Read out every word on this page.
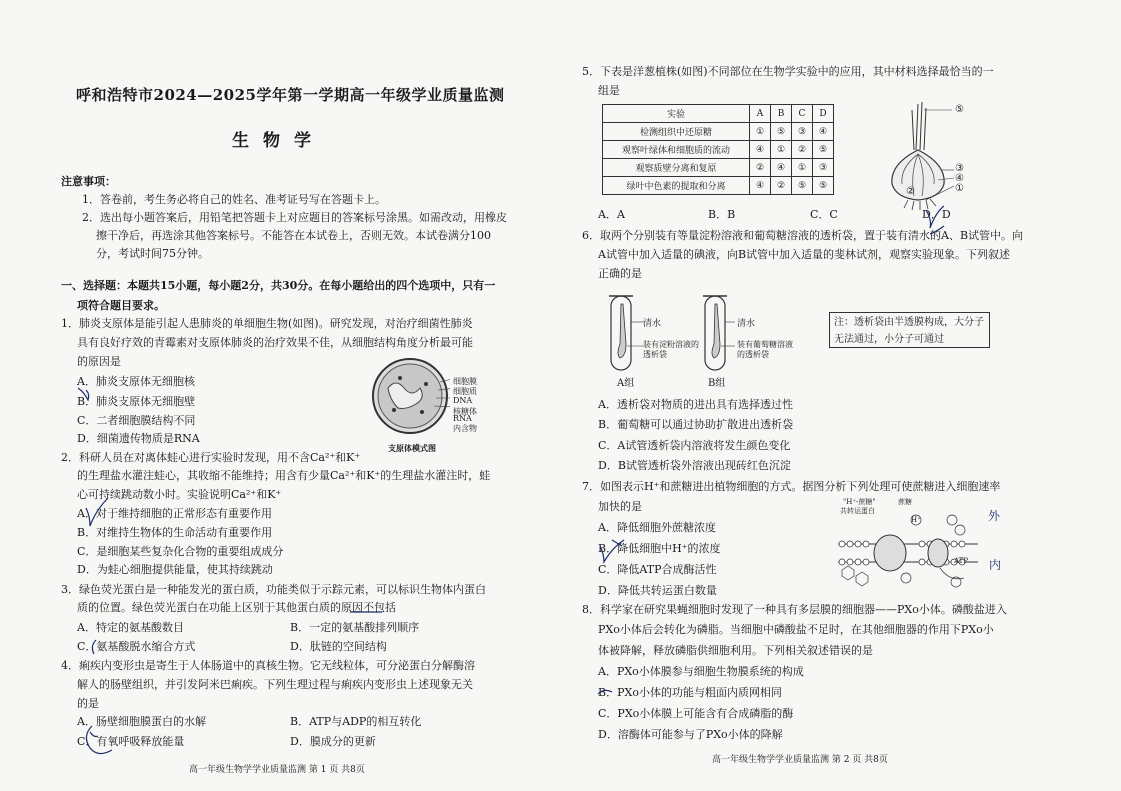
呼和浩特市2024—2025学年第一学期高一年级学业质量监测
生物学
注意事项：
1．答卷前，考生务必将自己的姓名、准考证号写在答题卡上。
2．选出每小题答案后，用铅笔把答题卡上对应题目的答案标号涂黑。如需改动，用橡皮
擦干净后，再选涂其他答案标号。不能答在本试卷上，否则无效。本试卷满分100
分，考试时间75分钟。
一、选择题：本题共15小题，每小题2分，共30分。在每小题给出的四个选项中，只有一
项符合题目要求。
1．肺炎支原体是能引起人患肺炎的单细胞生物(如图)。研究发现，对治疗细菌性肺炎
具有良好疗效的青霉素对支原体肺炎的治疗效果不佳，从细胞结构角度分析最可能
的原因是
A．肺炎支原体无细胞核
B．肺炎支原体无细胞壁
C．二者细胞膜结构不同
D．细菌遗传物质是RNA
细胞膜
细胞质
DNA
核糖体
RNA
内含物
支原体模式图
2．科研人员在对离体蛙心进行实验时发现，用不含Ca²⁺和K⁺
的生理盐水灌注蛙心，其收缩不能维持；用含有少量Ca²⁺和K⁺的生理盐水灌注时，蛙
心可持续跳动数小时。实验说明Ca²⁺和K⁺
A．对于维持细胞的正常形态有重要作用
B．对维持生物体的生命活动有重要作用
C．是细胞某些复杂化合物的重要组成成分
D．为蛙心细胞提供能量，使其持续跳动
3．绿色荧光蛋白是一种能发光的蛋白质，功能类似于示踪元素，可以标识生物体内蛋白
质的位置。绿色荧光蛋白在功能上区别于其他蛋白质的原因不包括
A．特定的氨基酸数目	B．一定的氨基酸排列顺序
C．氨基酸脱水缩合方式	D．肽链的空间结构
4．痢疾内变形虫是寄生于人体肠道中的真核生物。它无线粒体，可分泌蛋白分解酶溶
解人的肠壁组织，并引发阿米巴痢疾。下列生理过程与痢疾内变形虫上述现象无关
的是
A．肠壁细胞膜蛋白的水解	B．ATP与ADP的相互转化
C．有氧呼吸释放能量	D．膜成分的更新
高一年级生物学学业质量监测 第 1 页 共8页
5．下表是洋葱植株(如图)不同部位在生物学实验中的应用，其中材料选择最恰当的一
组是
实验	A	B	C	D
检测组织中还原糖	①	⑤	③	④
观察叶绿体和细胞质的流动	④	①	②	⑤
观察质壁分离和复原	②	④	①	③
绿叶中色素的提取和分离	④	②	⑤	⑤
⑤
③
④
①
②
A．A	B．B	C．C	D．D
6．取两个分别装有等量淀粉溶液和葡萄糖溶液的透析袋，置于装有清水的A、B试管中。向
A试管中加入适量的碘液，向B试管中加入适量的斐林试剂，观察实验现象。下列叙述
正确的是
清水
装有淀粉溶液的透析袋
A组
清水
装有葡萄糖溶液的透析袋
B组
注：透析袋由半透膜构成，大分子无法通过，小分子可通过
A．透析袋对物质的进出具有选择透过性
B．葡萄糖可以通过协助扩散进出透析袋
C．A试管透析袋内溶液将发生颜色变化
D．B试管透析袋外溶液出现砖红色沉淀
7．如图表示H⁺和蔗糖进出植物细胞的方式。据图分析下列处理可使蔗糖进入细胞速率
加快的是
A．降低细胞外蔗糖浓度
B．降低细胞中H⁺的浓度
C．降低ATP合成酶活性
D．降低共转运蛋白数量
"H⁺-蔗糖"
共转运蛋白
蔗糖
H⁺
ATP
外
内
8．科学家在研究果蝇细胞时发现了一种具有多层膜的细胞器——PXo小体。磷酸盐进入
PXo小体后会转化为磷脂。当细胞中磷酸盐不足时，在其他细胞器的作用下PXo小
体被降解，释放磷脂供细胞利用。下列相关叙述错误的是
A．PXo小体膜参与细胞生物膜系统的构成
B．PXo小体的功能与粗面内质网相同
C．PXo小体膜上可能含有合成磷脂的酶
D．溶酶体可能参与了PXo小体的降解
高一年级生物学学业质量监测 第 2 页 共8页
